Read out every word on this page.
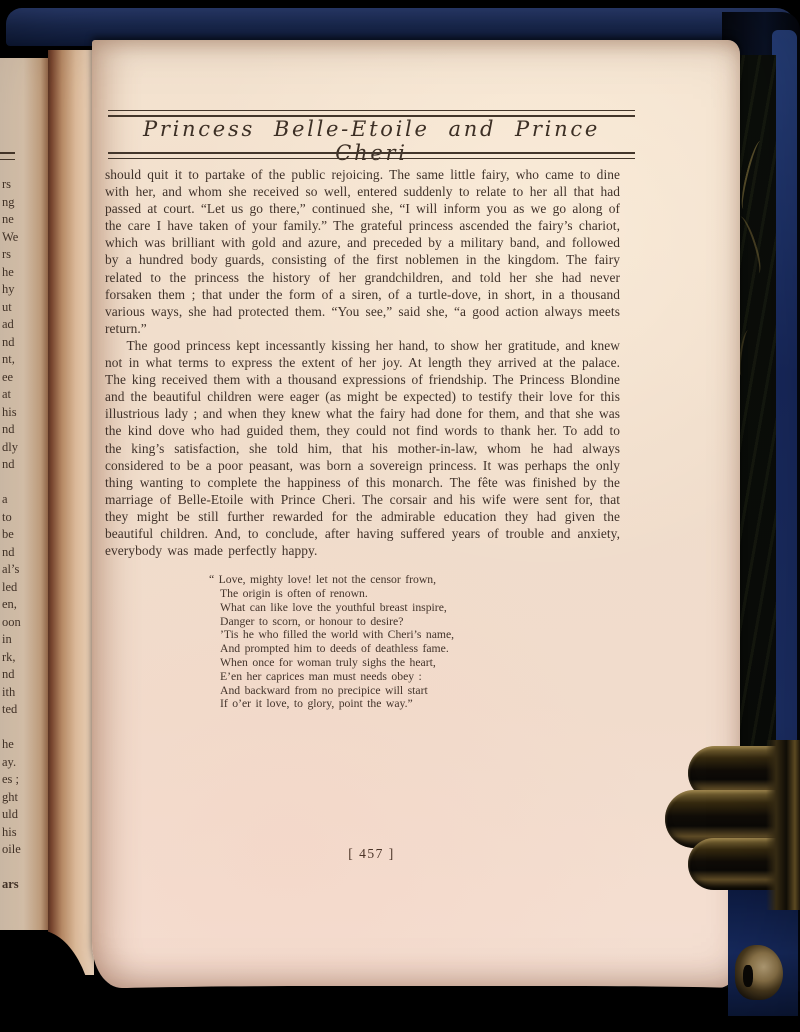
rs
ng
ne
We
rs
he
hy
ut
ad
nd
nt,
ee
at
his
nd
dly
nd
a
to
be
nd
al’s
led
en,
oon
in
rk,
nd
ith
ted
he
ay.
es ;
ght
uld
his
oile
ars
Princess Belle-Etoile and Prince Cheri

should quit it to partake of the public rejoicing. The same little fairy, who came to dine with her, and whom she received so well, entered suddenly to relate to her all that had passed at court. “Let us go there,” continued she, “I will inform you as we go along of the care I have taken of your family.” The grateful princess ascended the fairy’s chariot, which was brilliant with gold and azure, and preceded by a military band, and followed by a hundred body guards, consisting of the first noblemen in the kingdom. The fairy related to the princess the history of her grandchildren, and told her she had never forsaken them ; that under the form of a siren, of a turtle-dove, in short, in a thousand various ways, she had protected them. “You see,” said she, “a good action always meets return.”

The good princess kept incessantly kissing her hand, to show her gratitude, and knew not in what terms to express the extent of her joy. At length they arrived at the palace. The king received them with a thousand expressions of friendship. The Princess Blondine and the beautiful children were eager (as might be expected) to testify their love for this illustrious lady ; and when they knew what the fairy had done for them, and that she was the kind dove who had guided them, they could not find words to thank her. To add to the king’s satisfaction, she told him, that his mother-in-law, whom he had always considered to be a poor peasant, was born a sovereign princess. It was perhaps the only thing wanting to complete the happiness of this monarch. The fête was finished by the marriage of Belle-Etoile with Prince Cheri. The corsair and his wife were sent for, that they might be still further rewarded for the admirable education they had given the beautiful children. And, to conclude, after having suffered years of trouble and anxiety, everybody was made perfectly happy.

“ Love, mighty love! let not the censor frown,
The origin is often of renown.
What can like love the youthful breast inspire,
Danger to scorn, or honour to desire?
’Tis he who filled the world with Cheri’s name,
And prompted him to deeds of deathless fame.
When once for woman truly sighs the heart,
E’en her caprices man must needs obey :
And backward from no precipice will start
If o’er it love, to glory, point the way.”
[ 457 ]
